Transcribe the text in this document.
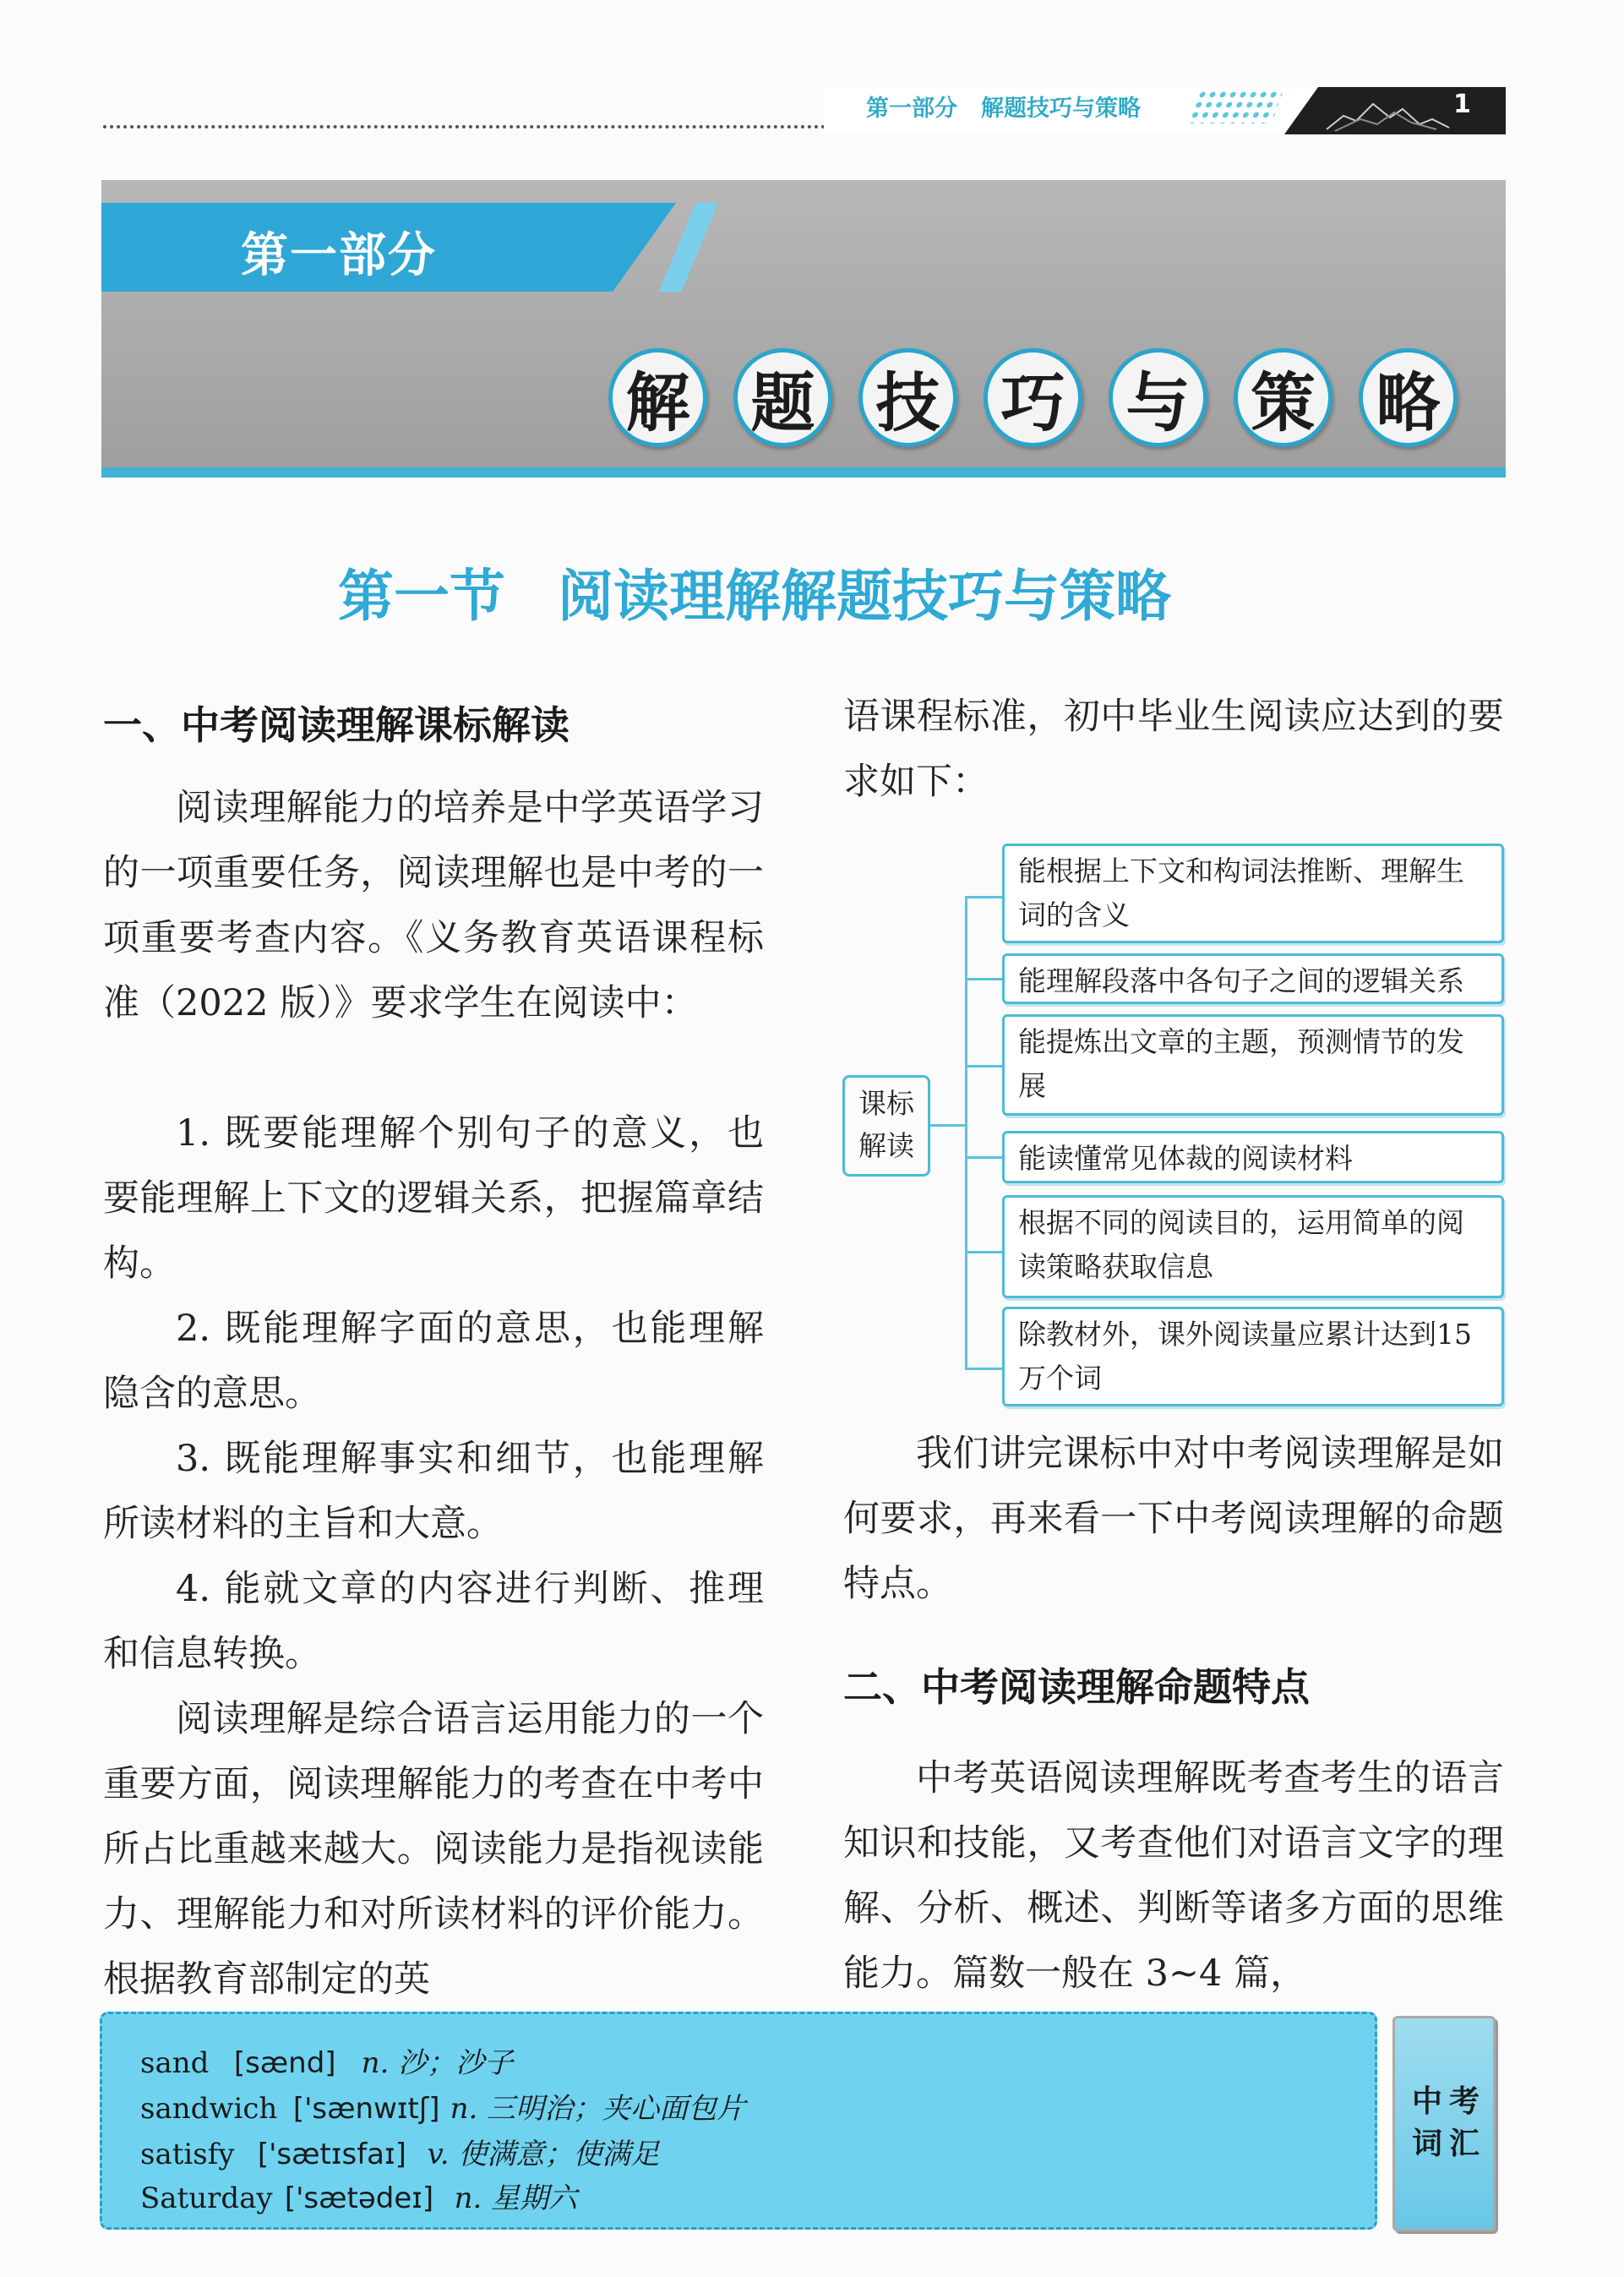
第一部分 解题技巧与策略	1
第一部分
解 题 技 巧 与 策 略
第一节 阅读理解解题技巧与策略
一、中考阅读理解课标解读

阅读理解能力的培养是中学英语学习的一项重要任务，阅读理解也是中考的一项重要考查内容。《义务教育英语课程标准（2022 版）》要求学生在阅读中：

1. 既要能理解个别句子的意义，也要能理解上下文的逻辑关系，把握篇章结构。

2. 既能理解字面的意思，也能理解隐含的意思。

3. 既能理解事实和细节，也能理解所读材料的主旨和大意。

4. 能就文章的内容进行判断、推理和信息转换。

阅读理解是综合语言运用能力的一个重要方面，阅读理解能力的考查在中考中所占比重越来越大。阅读能力是指视读能力、理解能力和对所读材料的评价能力。根据教育部制定的英

语课程标准，初中毕业生阅读应达到的要求如下：

课标
解读
能根据上下文和构词法推断、理解生词的含义
能理解段落中各句子之间的逻辑关系
能提炼出文章的主题，预测情节的发展
能读懂常见体裁的阅读材料
根据不同的阅读目的，运用简单的阅读策略获取信息
除教材外，课外阅读量应累计达到15 万个词

我们讲完课标中对中考阅读理解是如何要求，再来看一下中考阅读理解的命题特点。

二、中考阅读理解命题特点

中考英语阅读理解既考查考生的语言知识和技能，又考查他们对语言文字的理解、分析、概述、判断等诸多方面的思维能力。篇数一般在 3~4 篇，

sand [sænd] n. 沙；沙子
sandwich ['sænwɪtʃ] n. 三明治；夹心面包片
satisfy ['sætɪsfaɪ] v. 使满意；使满足
Saturday ['sætədeɪ] n. 星期六
中 考
词 汇
